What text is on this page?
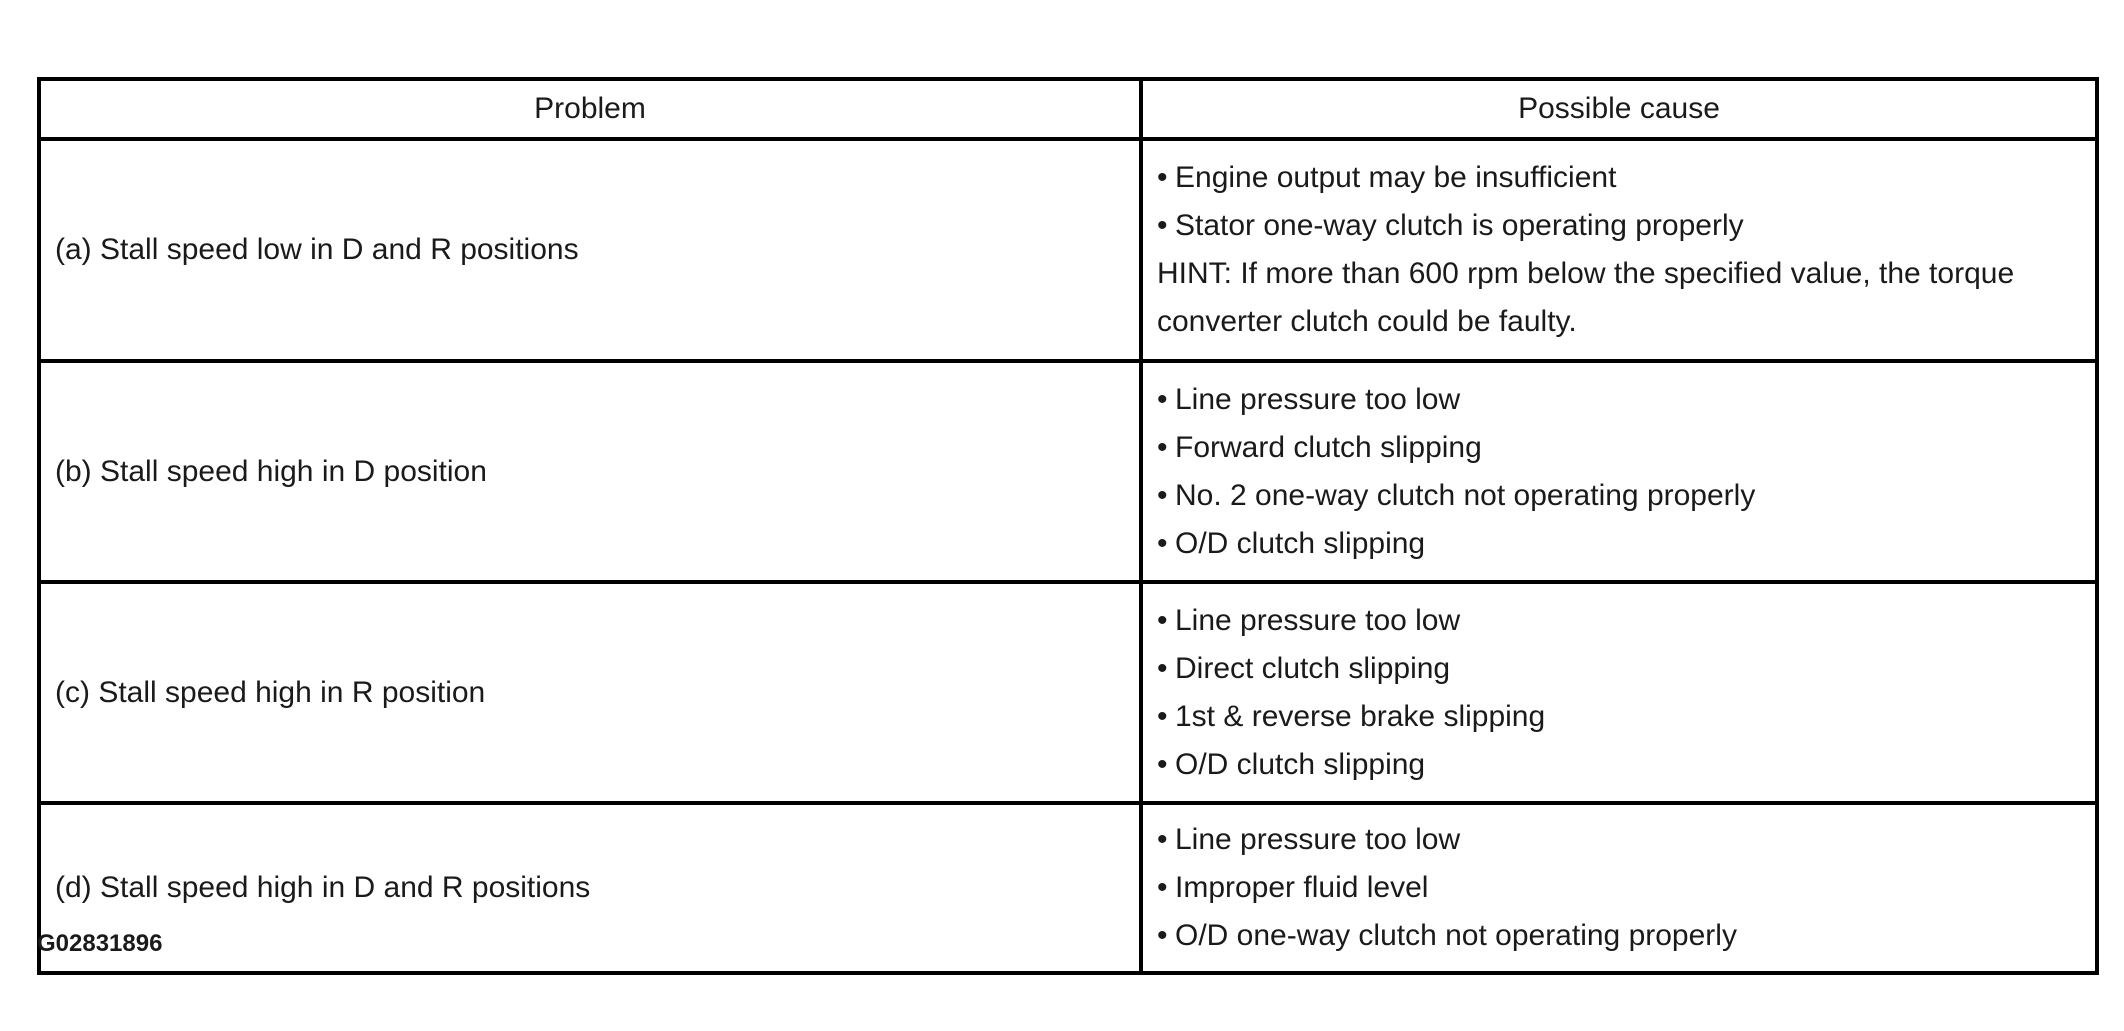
Problem	Possible cause
(a) Stall speed low in D and R positions	• Engine output may be insufficient
• Stator one-way clutch is operating properly
HINT: If more than 600 rpm below the specified value, the torque converter clutch could be faulty.

(b) Stall speed high in D position	• Line pressure too low
• Forward clutch slipping
• No. 2 one-way clutch not operating properly
• O/D clutch slipping

(c) Stall speed high in R position	• Line pressure too low
• Direct clutch slipping
• 1st & reverse brake slipping
• O/D clutch slipping

(d) Stall speed high in D and R positions	• Line pressure too low
• Improper fluid level
• O/D one-way clutch not operating properly
G02831896
